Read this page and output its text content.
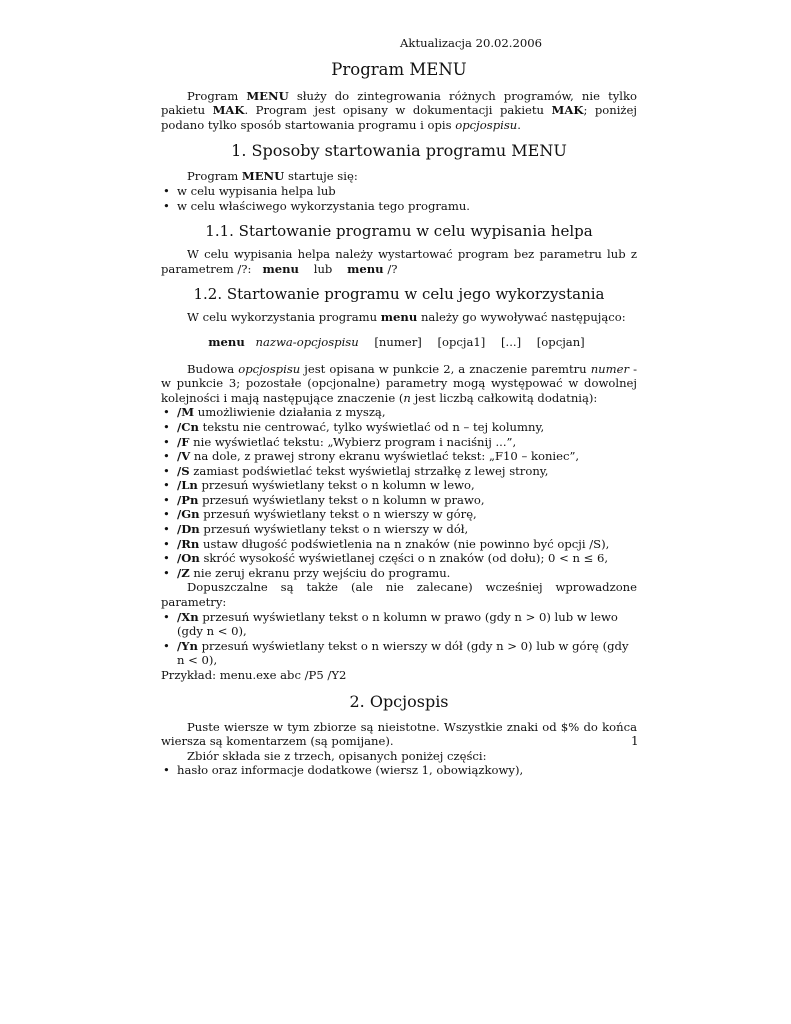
Aktualizacja 20.02.2006
Program MENU

Program MENU służy do zintegrowania różnych programów, nie tylko pakietu MAK. Program jest opisany w dokumentacji pakietu MAK; poniżej podano tylko sposób startowania programu i opis opcjospisu.

1. Sposoby startowania programu MENU

Program MENU startuje się:

• w celu wypisania helpa lub
• w celu właściwego wykorzystania tego programu.
1.1. Startowanie programu w celu wypisania helpa

W celu wypisania helpa należy wystartować program bez parametru lub z parametrem /?: menu lub menu /?

1.2. Startowanie programu w celu jego wykorzystania

W celu wykorzystania programu menu należy go wywoływać następująco:

menu nazwa-opcjospisu [numer] [opcja1] [...] [opcjan]

Budowa opcjospisu jest opisana w punkcie 2, a znaczenie paremtru numer - w punkcie 3; pozostałe (opcjonalne) parametry mogą występować w dowolnej kolejności i mają następujące znaczenie (n jest liczbą całkowitą dodatnią):

• /M umożliwienie działania z myszą,
• /Cn tekstu nie centrować, tylko wyświetlać od n – tej kolumny,
• /F nie wyświetlać tekstu: „Wybierz program i naciśnij ...”,
• /V na dole, z prawej strony ekranu wyświetlać tekst: „F10 – koniec”,
• /S zamiast podświetlać tekst wyświetlaj strzałkę z lewej strony,
• /Ln przesuń wyświetlany tekst o n kolumn w lewo,
• /Pn przesuń wyświetlany tekst o n kolumn w prawo,
• /Gn przesuń wyświetlany tekst o n wierszy w górę,
• /Dn przesuń wyświetlany tekst o n wierszy w dół,
• /Rn ustaw długość podświetlenia na n znaków (nie powinno być opcji /S),
• /On skróć wysokość wyświetlanej części o n znaków (od dołu); 0 < n ≤ 6,
• /Z nie zeruj ekranu przy wejściu do programu.

Dopuszczalne są także (ale nie zalecane) wcześniej wprowadzone parametry:

• /Xn przesuń wyświetlany tekst o n kolumn w prawo (gdy n > 0) lub w lewo (gdy n < 0),
• /Yn przesuń wyświetlany tekst o n wierszy w dół (gdy n > 0) lub w górę (gdy n < 0),

Przykład: menu.exe abc /P5 /Y2

2. Opcjospis

Puste wiersze w tym zbiorze są nieistotne. Wszystkie znaki od $% do końca wiersza są komentarzem (są pomijane).

Zbiór składa sie z trzech, opisanych poniżej części:

• hasło oraz informacje dodatkowe (wiersz 1, obowiązkowy),
1
